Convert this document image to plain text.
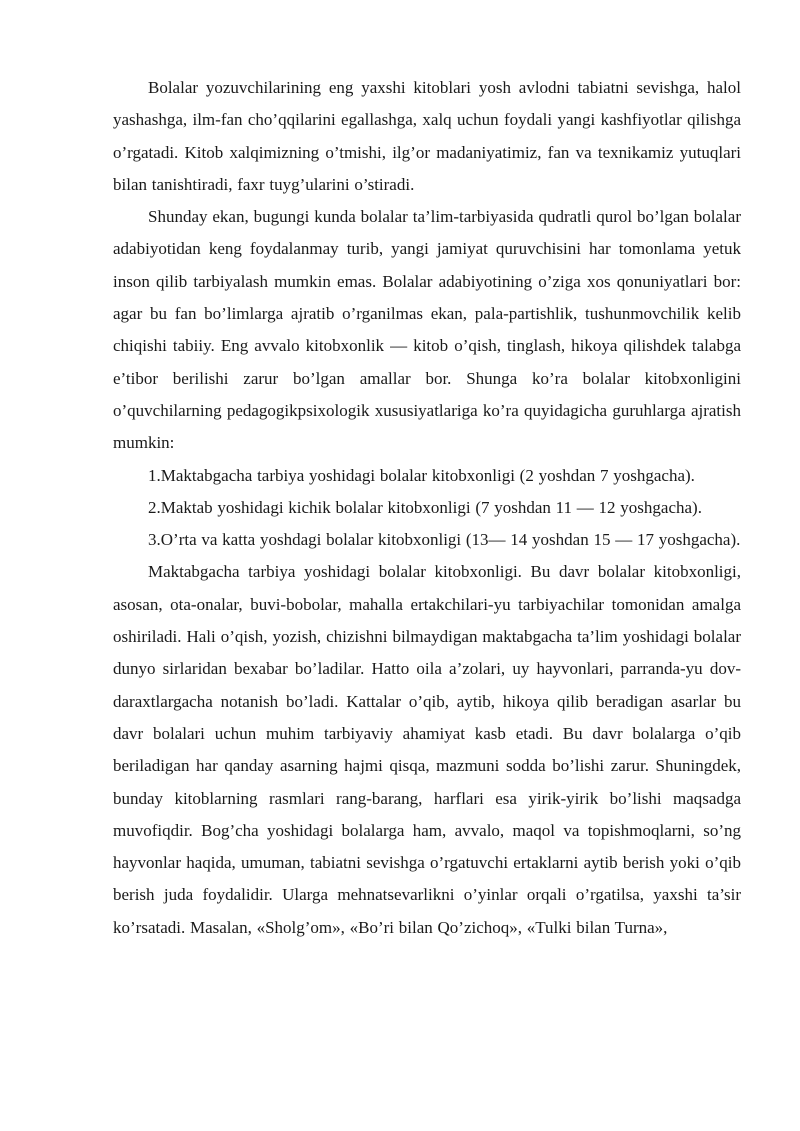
Bolalar yozuvchilarining eng yaxshi kitoblari yosh avlodni tabiatni sevishga, halol yashashga, ilm-fan cho’qqilarini egallashga, xalq uchun foydali yangi kashfiyotlar qilishga o’rgatadi. Kitob xalqimizning o’tmishi, ilg’or madaniyatimiz, fan va texnikamiz yutuqlari bilan tanishtiradi, faxr tuyg’ularini o’stiradi.

Shunday ekan, bugungi kunda bolalar ta’lim-tarbiyasida qudratli qurol bo’lgan bolalar adabiyotidan keng foydalanmay turib, yangi jamiyat quruvchisini har tomonlama yetuk inson qilib tarbiyalash mumkin emas. Bolalar adabiyotining o’ziga xos qonuniyatlari bor: agar bu fan bo’limlarga ajratib o’rganilmas ekan, pala-partishlik, tushunmovchilik kelib chiqishi tabiiy. Eng avvalo kitobxonlik — kitob o’qish, tinglash, hikoya qilishdek talabga e’tibor berilishi zarur bo’lgan amallar bor. Shunga ko’ra bolalar kitobxonligini o’quvchilarning pedagogikpsixologik xususiyatlariga ko’ra quyidagicha guruhlarga ajratish mumkin:

1.Maktabgacha tarbiya yoshidagi bolalar kitobxonligi (2 yoshdan 7 yoshgacha).

2.Maktab yoshidagi kichik bolalar kitobxonligi (7 yoshdan 11 — 12 yoshgacha).

3.O’rta va katta yoshdagi bolalar kitobxonligi (13— 14 yoshdan 15 — 17 yoshgacha).

Maktabgacha tarbiya yoshidagi bolalar kitobxonligi. Bu davr bolalar kitobxonligi, asosan, ota-onalar, buvi-bobolar, mahalla ertakchilari-yu tarbiyachilar tomonidan amalga oshiriladi. Hali o’qish, yozish, chizishni bilmaydigan maktabgacha ta’lim yoshidagi bolalar dunyo sirlaridan bexabar bo’ladilar. Hatto oila a’zolari, uy hayvonlari, parranda-yu dov-daraxtlargacha notanish bo’ladi. Kattalar o’qib, aytib, hikoya qilib beradigan asarlar bu davr bolalari uchun muhim tarbiyaviy ahamiyat kasb etadi. Bu davr bolalarga o’qib beriladigan har qanday asarning hajmi qisqa, mazmuni sodda bo’lishi zarur. Shuningdek, bunday kitoblarning rasmlari rang-barang, harflari esa yirik-yirik bo’lishi maqsadga muvofiqdir. Bog’cha yoshidagi bolalarga ham, avvalo, maqol va topishmoqlarni, so’ng hayvonlar haqida, umuman, tabiatni sevishga o’rgatuvchi ertaklarni aytib berish yoki o’qib berish juda foydalidir. Ularga mehnatsevarlikni o’yinlar orqali o’rgatilsa, yaxshi ta’sir ko’rsatadi. Masalan, «Sholg’om», «Bo’ri bilan Qo’zichoq», «Tulki bilan Turna»,
